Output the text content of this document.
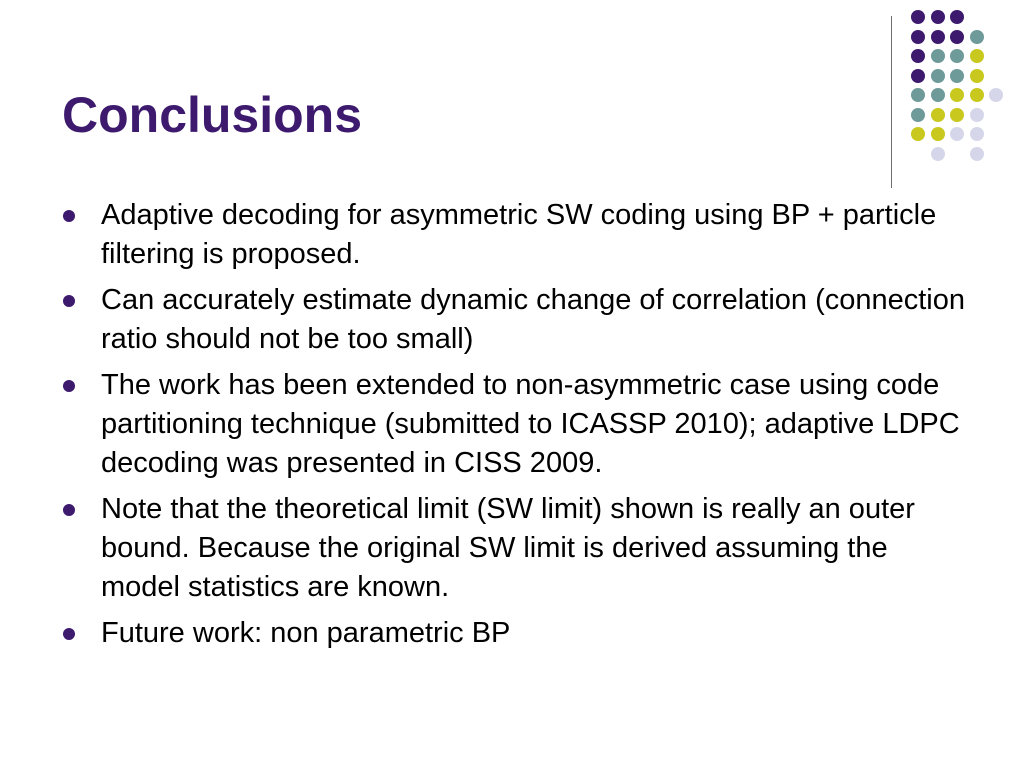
Conclusions
Adaptive decoding for asymmetric SW coding using BP + particle filtering is proposed.
Can accurately estimate dynamic change of correlation (connection ratio should not be too small)
The work has been extended to non-asymmetric case using code partitioning technique (submitted to ICASSP 2010); adaptive LDPC decoding was presented in CISS 2009.
Note that the theoretical limit (SW limit) shown is really an outer bound. Because the original SW limit is derived assuming the model statistics are known.
Future work: non parametric BP
